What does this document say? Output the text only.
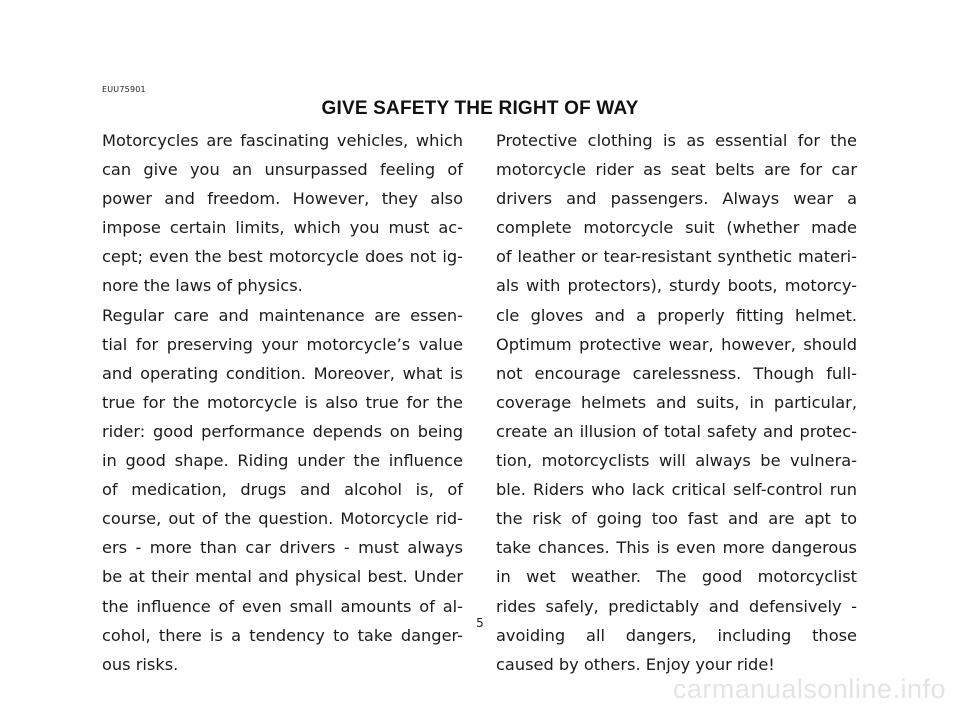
EUU75901
GIVE SAFETY THE RIGHT OF WAY

Motorcycles are fascinating vehicles, which
can give you an unsurpassed feeling of
power and freedom. However, they also
impose certain limits, which you must ac-
cept; even the best motorcycle does not ig-
nore the laws of physics.

Regular care and maintenance are essen-
tial for preserving your motorcycle’s value
and operating condition. Moreover, what is
true for the motorcycle is also true for the
rider: good performance depends on being
in good shape. Riding under the influence
of medication, drugs and alcohol is, of
course, out of the question. Motorcycle rid-
ers - more than car drivers - must always
be at their mental and physical best. Under
the influence of even small amounts of al-
cohol, there is a tendency to take danger-
ous risks.

Protective clothing is as essential for the
motorcycle rider as seat belts are for car
drivers and passengers. Always wear a
complete motorcycle suit (whether made
of leather or tear-resistant synthetic materi-
als with protectors), sturdy boots, motorcy-
cle gloves and a properly fitting helmet.
Optimum protective wear, however, should
not encourage carelessness. Though full-
coverage helmets and suits, in particular,
create an illusion of total safety and protec-
tion, motorcyclists will always be vulnera-
ble. Riders who lack critical self-control run
the risk of going too fast and are apt to
take chances. This is even more dangerous
in wet weather. The good motorcyclist
rides safely, predictably and defensively -
avoiding all dangers, including those
caused by others. Enjoy your ride!

5
carmanualsonline.info
